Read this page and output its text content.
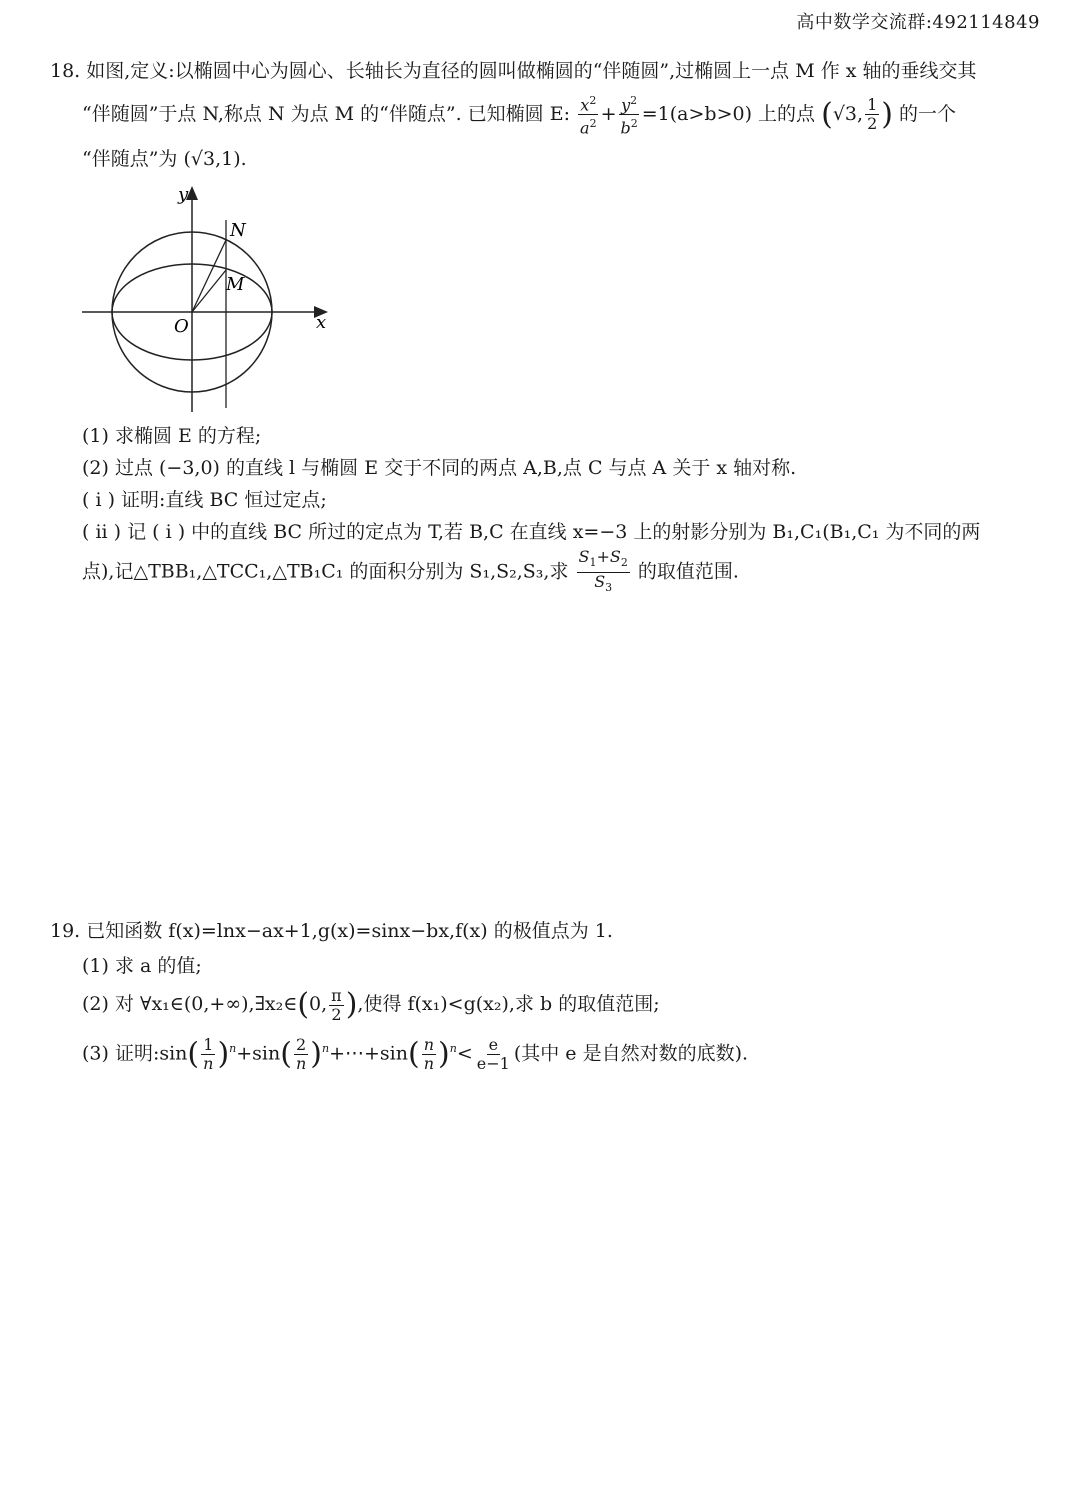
高中数学交流群:492114849
18. 如图,定义:以椭圆中心为圆心、长轴长为直径的圆叫做椭圆的“伴随圆”,过椭圆上一点 M 作 x 轴的垂线交其
“伴随圆”于点 N,称点 N 为点 M 的“伴随点”. 已知椭圆 E: $\frac{x^2}{a^2} + \frac{y^2}{b^2} =1(a>b>0)$ 上的点 (√3, $\frac{1}{2}$ ) 的一个
“伴随点”为 (√3,1).
y
x
O
N
M
(1) 求椭圆 E 的方程;
(2) 过点 (−3,0) 的直线 l 与椭圆 E 交于不同的两点 A,B,点 C 与点 A 关于 x 轴对称.
( i ) 证明:直线 BC 恒过定点;
( ii ) 记 ( i ) 中的直线 BC 所过的定点为 T,若 B,C 在直线 x=−3 上的射影分别为 B₁,C₁(B₁,C₁ 为不同的两
点),记△TBB₁,△TCC₁,△TB₁C₁ 的面积分别为 S₁,S₂,S₃,求 $\frac{S_1+S_2}{S_3}$ 的取值范围.
19. 已知函数 f(x)=lnx−ax+1,g(x)=sinx−bx,f(x) 的极值点为 1.
(1) 求 a 的值;
(2) 对 ∀x₁∈(0,+∞),∃x₂∈(0, $\frac{\pi}{2}$ ),使得 f(x₁)<g(x₂),求 b 的取值范围;
(3) 证明:sin( $\frac{1}{n} )^n+\sin( \frac{2}{n}$ )$^n+\cdots+\sin( \frac{n}{n} )^n< \frac{e}{e-1}$ (其中 e 是自然对数的底数).
